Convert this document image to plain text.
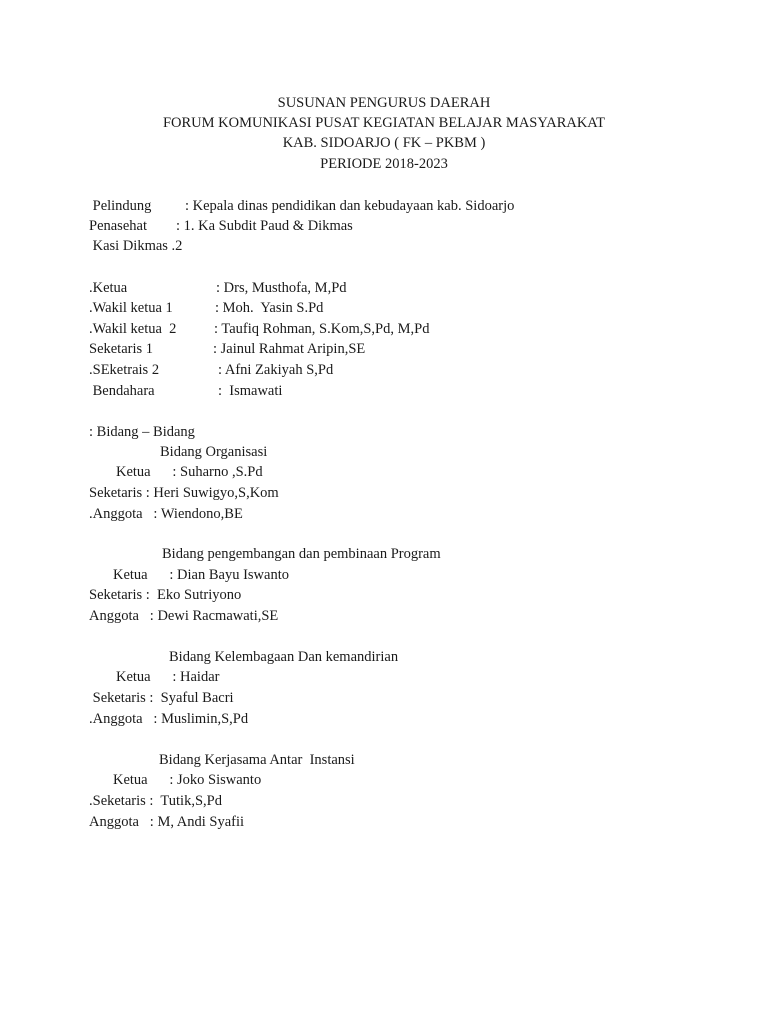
SUSUNAN PENGURUS DAERAH
FORUM KOMUNIKASI PUSAT KEGIATAN BELAJAR MASYARAKAT
KAB. SIDOARJO ( FK – PKBM )
PERIODE 2018-2023
Pelindung : Kepala dinas pendidikan dan kebudayaan kab. Sidoarjo
Penasehat : 1. Ka Subdit Paud & Dikmas
Kasi Dikmas .2
.Ketua	: Drs, Musthofa, M,Pd
.Wakil ketua 1	: Moh.  Yasin S.Pd
.Wakil ketua  2	: Taufiq Rohman, S.Kom,S,Pd, M,Pd
Seketaris 1	: Jainul Rahmat Aripin,SE
.SEketrais 2	: Afni Zakiyah S,Pd
Bendahara	:  Ismawati
: Bidang – Bidang
Bidang Organisasi
Ketua      : Suharno ,S.Pd
Seketaris : Heri Suwigyo,S,Kom
.Anggota   : Wiendono,BE
Bidang pengembangan dan pembinaan Program
Ketua      : Dian Bayu Iswanto
Seketaris :  Eko Sutriyono
Anggota   : Dewi Racmawati,SE
Bidang Kelembagaan Dan kemandirian
Ketua      : Haidar
Seketaris :  Syaful Bacri
.Anggota   : Muslimin,S,Pd
Bidang Kerjasama Antar  Instansi
Ketua      : Joko Siswanto
.Seketaris :  Tutik,S,Pd
Anggota   : M, Andi Syafii
